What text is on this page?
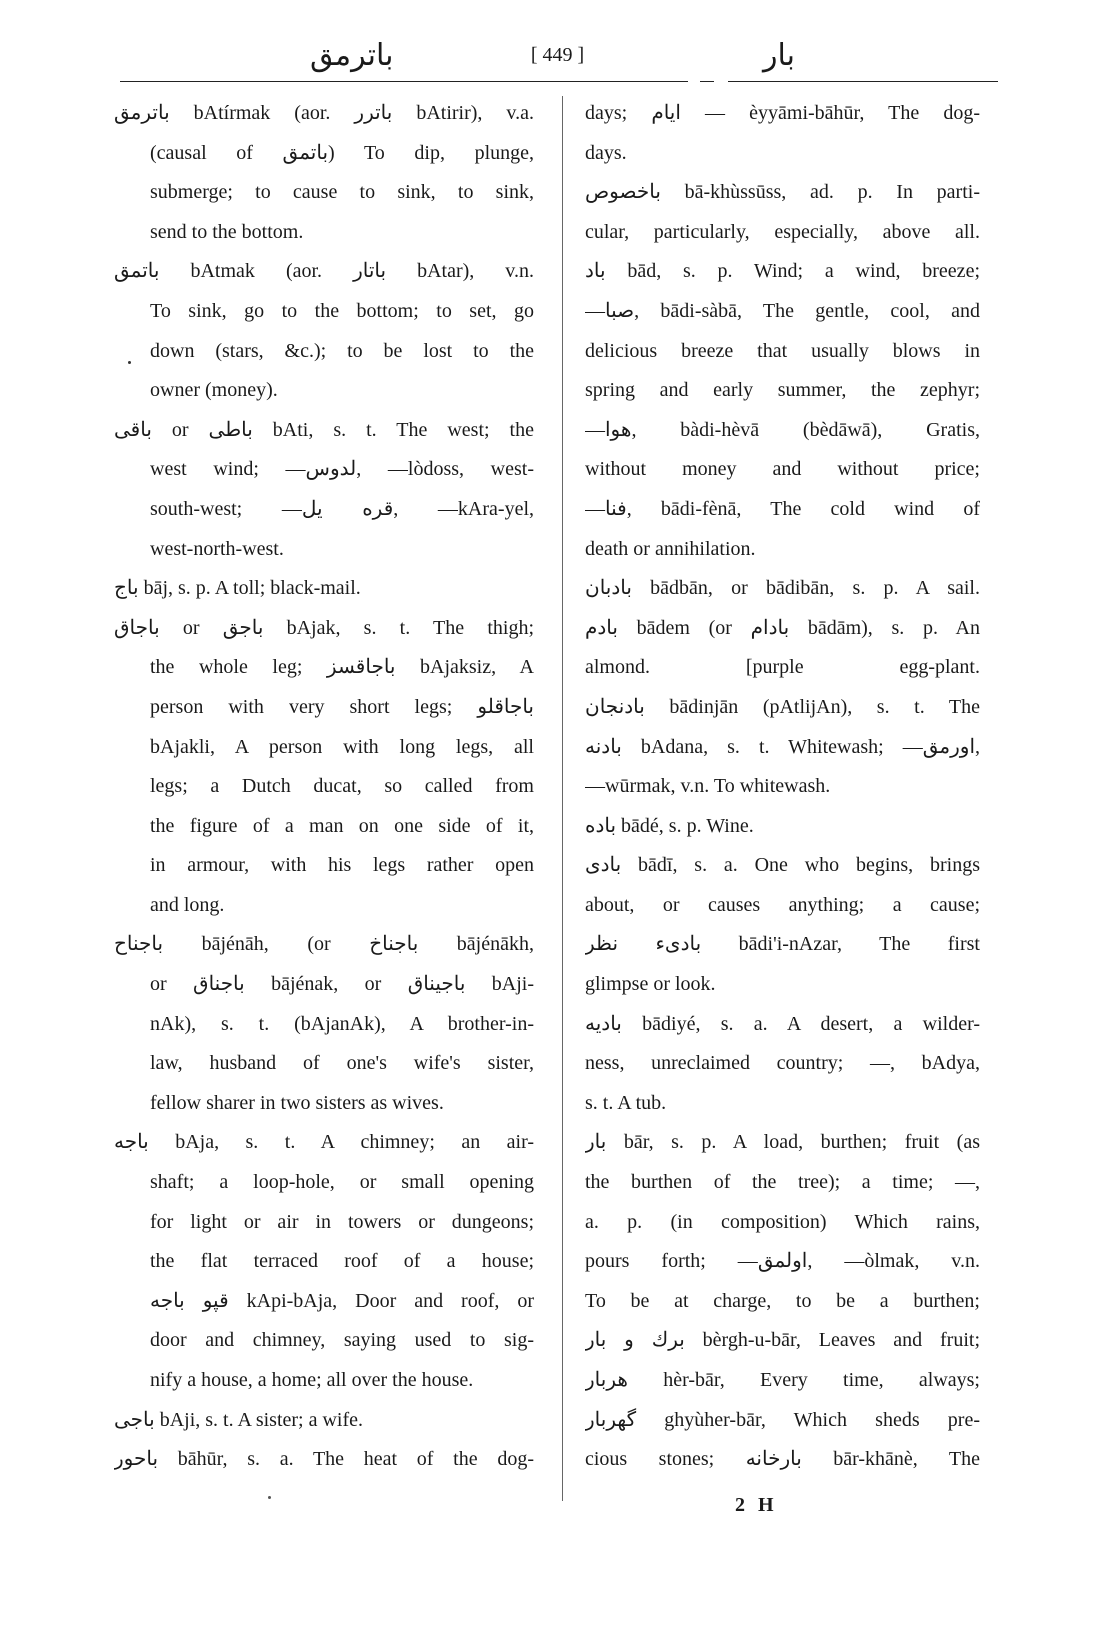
باترمق	[ 449 ]	بار
باترمق bAtírmak (aor. باترر bAtirir), v.a.
(causal of باتمق) To dip, plunge,
submerge; to cause to sink, to sink,
send to the bottom.
باتمق bAtmak (aor. باتار bAtar), v.n.
To sink, go to the bottom; to set, go
down (stars, &c.); to be lost to the
owner (money).
باقی or باطی bAti, s. t. The west; the
west wind; —لدوس, —lòdoss, west-
south-west; —قره يل, —kAra-yel,
west-north-west.
باج bāj, s. p. A toll; black-mail.
باجاق or باجق bAjak, s. t. The thigh;
the whole leg; باجاقسز bAjaksiz, A
person with very short legs; باجاقلو
bAjakli, A person with long legs, all
legs; a Dutch ducat, so called from
the figure of a man on one side of it,
in armour, with his legs rather open
and long.
باجناح bājénāh, (or باجناخ bājénākh,
or باجناق bājénak, or باجيناق bAji-
nAk), s. t. (bAjanAk), A brother-in-
law, husband of one's wife's sister,
fellow sharer in two sisters as wives.
باجه bAja, s. t. A chimney; an air-
shaft; a loop-hole, or small opening
for light or air in towers or dungeons;
the flat terraced roof of a house;
قپو باجه kApi-bAja, Door and roof, or
door and chimney, saying used to sig-
nify a house, a home; all over the house.
باجی bAji, s. t. A sister; a wife.
باحور bāhūr, s. a. The heat of the dog-
days; ايام — èyyāmi-bāhūr, The dog-
days.
باخصوص bā-khùssūss, ad. p. In parti-
cular, particularly, especially, above all.
باد bād, s. p. Wind; a wind, breeze;
—صبا, bādi-sàbā, The gentle, cool, and
delicious breeze that usually blows in
spring and early summer, the zephyr;
—هوا, bàdi-hèvā (bèdāwā), Gratis,
without money and without price;
—فنا, bādi-fènā, The cold wind of
death or annihilation.
بادبان bādbān, or bādibān, s. p. A sail.
بادم bādem (or بادام bādām), s. p. An
almond. [purple egg-plant.
بادنجان bādinjān (pAtlijAn), s. t. The
بادنه bAdana, s. t. Whitewash; —اورمق,
—wūrmak, v.n. To whitewash.
باده bādé, s. p. Wine.
بادی bādī, s. a. One who begins, brings
about, or causes anything; a cause;
بادیء نظر bādi'i-nAzar, The first
glimpse or look.
بادیه bādiyé, s. a. A desert, a wilder-
ness, unreclaimed country; —, bAdya,
s. t. A tub.
بار bār, s. p. A load, burthen; fruit (as
the burthen of the tree); a time; —,
a. p. (in composition) Which rains,
pours forth; —اولمق, —òlmak, v.n.
To be at charge, to be a burthen;
برك و بار bèrgh-u-bār, Leaves and fruit;
هربار hèr-bār, Every time, always;
گهربار ghyùher-bār, Which sheds pre-
cious stones; بارخانه bār-khānè, The
2 H
